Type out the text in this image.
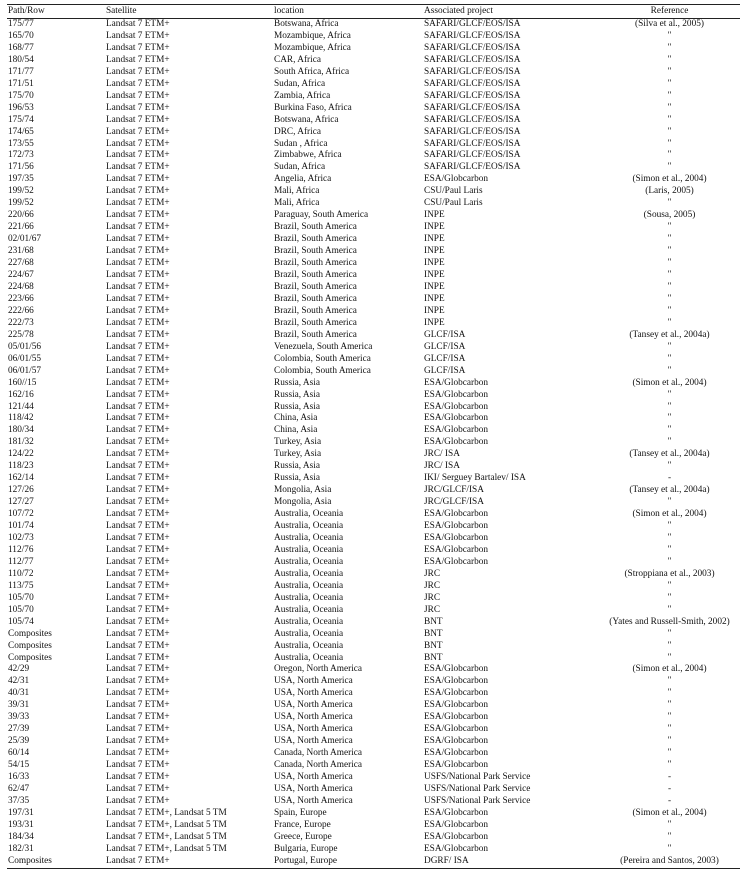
Path/Row	Satellite	location	Associated project	Reference
175/77	Landsat 7 ETM+	Botswana, Africa	SAFARI/GLCF/EOS/ISA	(Silva et al., 2005)
165/70	Landsat 7 ETM+	Mozambique, Africa	SAFARI/GLCF/EOS/ISA	"
168/77	Landsat 7 ETM+	Mozambique, Africa	SAFARI/GLCF/EOS/ISA	"
180/54	Landsat 7 ETM+	CAR, Africa	SAFARI/GLCF/EOS/ISA	"
171/77	Landsat 7 ETM+	South Africa, Africa	SAFARI/GLCF/EOS/ISA	"
171/51	Landsat 7 ETM+	Sudan, Africa	SAFARI/GLCF/EOS/ISA	"
175/70	Landsat 7 ETM+	Zambia, Africa	SAFARI/GLCF/EOS/ISA	"
196/53	Landsat 7 ETM+	Burkina Faso, Africa	SAFARI/GLCF/EOS/ISA	"
175/74	Landsat 7 ETM+	Botswana, Africa	SAFARI/GLCF/EOS/ISA	"
174/65	Landsat 7 ETM+	DRC, Africa	SAFARI/GLCF/EOS/ISA	"
173/55	Landsat 7 ETM+	Sudan , Africa	SAFARI/GLCF/EOS/ISA	"
172/73	Landsat 7 ETM+	Zimbabwe, Africa	SAFARI/GLCF/EOS/ISA	"
171/56	Landsat 7 ETM+	Sudan, Africa	SAFARI/GLCF/EOS/ISA	"
197/35	Landsat 7 ETM+	Angelia, Africa	ESA/Globcarbon	(Simon et al., 2004)
199/52	Landsat 7 ETM+	Mali, Africa	CSU/Paul Laris	(Laris, 2005)
199/52	Landsat 7 ETM+	Mali, Africa	CSU/Paul Laris	"
220/66	Landsat 7 ETM+	Paraguay, South America	INPE	(Sousa, 2005)
221/66	Landsat 7 ETM+	Brazil, South America	INPE	"
02/01/67	Landsat 7 ETM+	Brazil, South America	INPE	"
231/68	Landsat 7 ETM+	Brazil, South America	INPE	"
227/68	Landsat 7 ETM+	Brazil, South America	INPE	"
224/67	Landsat 7 ETM+	Brazil, South America	INPE	"
224/68	Landsat 7 ETM+	Brazil, South America	INPE	"
223/66	Landsat 7 ETM+	Brazil, South America	INPE	"
222/66	Landsat 7 ETM+	Brazil, South America	INPE	"
222/73	Landsat 7 ETM+	Brazil, South America	INPE	"
225/78	Landsat 7 ETM+	Brazil, South America	GLCF/ISA	(Tansey et al., 2004a)
05/01/56	Landsat 7 ETM+	Venezuela, South America	GLCF/ISA	"
06/01/55	Landsat 7 ETM+	Colombia, South America	GLCF/ISA	"
06/01/57	Landsat 7 ETM+	Colombia, South America	GLCF/ISA	"
160//15	Landsat 7 ETM+	Russia, Asia	ESA/Globcarbon	(Simon et al., 2004)
162/16	Landsat 7 ETM+	Russia, Asia	ESA/Globcarbon	"
121/44	Landsat 7 ETM+	Russia, Asia	ESA/Globcarbon	"
118/42	Landsat 7 ETM+	China, Asia	ESA/Globcarbon	"
180/34	Landsat 7 ETM+	China, Asia	ESA/Globcarbon	"
181/32	Landsat 7 ETM+	Turkey, Asia	ESA/Globcarbon	"
124/22	Landsat 7 ETM+	Turkey, Asia	JRC/ ISA	(Tansey et al., 2004a)
118/23	Landsat 7 ETM+	Russia, Asia	JRC/ ISA	"
162/14	Landsat 7 ETM+	Russia, Asia	IKI/ Serguey Bartalev/ ISA	-
127/26	Landsat 7 ETM+	Mongolia, Asia	JRC/GLCF/ISA	(Tansey et al., 2004a)
127/27	Landsat 7 ETM+	Mongolia, Asia	JRC/GLCF/ISA	"
107/72	Landsat 7 ETM+	Australia, Oceania	ESA/Globcarbon	(Simon et al., 2004)
101/74	Landsat 7 ETM+	Australia, Oceania	ESA/Globcarbon	"
102/73	Landsat 7 ETM+	Australia, Oceania	ESA/Globcarbon	"
112/76	Landsat 7 ETM+	Australia, Oceania	ESA/Globcarbon	"
112/77	Landsat 7 ETM+	Australia, Oceania	ESA/Globcarbon	"
110/72	Landsat 7 ETM+	Australia, Oceania	JRC	(Stroppiana et al., 2003)
113/75	Landsat 7 ETM+	Australia, Oceania	JRC	"
105/70	Landsat 7 ETM+	Australia, Oceania	JRC	"
105/70	Landsat 7 ETM+	Australia, Oceania	JRC	"
105/74	Landsat 7 ETM+	Australia, Oceania	BNT	(Yates and Russell-Smith, 2002)
Composites	Landsat 7 ETM+	Australia, Oceania	BNT	"
Composites	Landsat 7 ETM+	Australia, Oceania	BNT	"
Composites	Landsat 7 ETM+	Australia, Oceania	BNT	"
42/29	Landsat 7 ETM+	Oregon, North America	ESA/Globcarbon	(Simon et al., 2004)
42/31	Landsat 7 ETM+	USA, North America	ESA/Globcarbon	"
40/31	Landsat 7 ETM+	USA, North America	ESA/Globcarbon	"
39/31	Landsat 7 ETM+	USA, North America	ESA/Globcarbon	"
39/33	Landsat 7 ETM+	USA, North America	ESA/Globcarbon	"
27/39	Landsat 7 ETM+	USA, North America	ESA/Globcarbon	"
25/39	Landsat 7 ETM+	USA, North America	ESA/Globcarbon	"
60/14	Landsat 7 ETM+	Canada, North America	ESA/Globcarbon	"
54/15	Landsat 7 ETM+	Canada, North America	ESA/Globcarbon	"
16/33	Landsat 7 ETM+	USA, North America	USFS/National Park Service	-
62/47	Landsat 7 ETM+	USA, North America	USFS/National Park Service	-
37/35	Landsat 7 ETM+	USA, North America	USFS/National Park Service	-
197/31	Landsat 7 ETM+, Landsat 5 TM	Spain, Europe	ESA/Globcarbon	(Simon et al., 2004)
193/31	Landsat 7 ETM+, Landsat 5 TM	France, Europe	ESA/Globcarbon	"
184/34	Landsat 7 ETM+, Landsat 5 TM	Greece, Europe	ESA/Globcarbon	"
182/31	Landsat 7 ETM+, Landsat 5 TM	Bulgaria, Europe	ESA/Globcarbon	"
Composites	Landsat 7 ETM+	Portugal, Europe	DGRF/ ISA	(Pereira and Santos, 2003)
